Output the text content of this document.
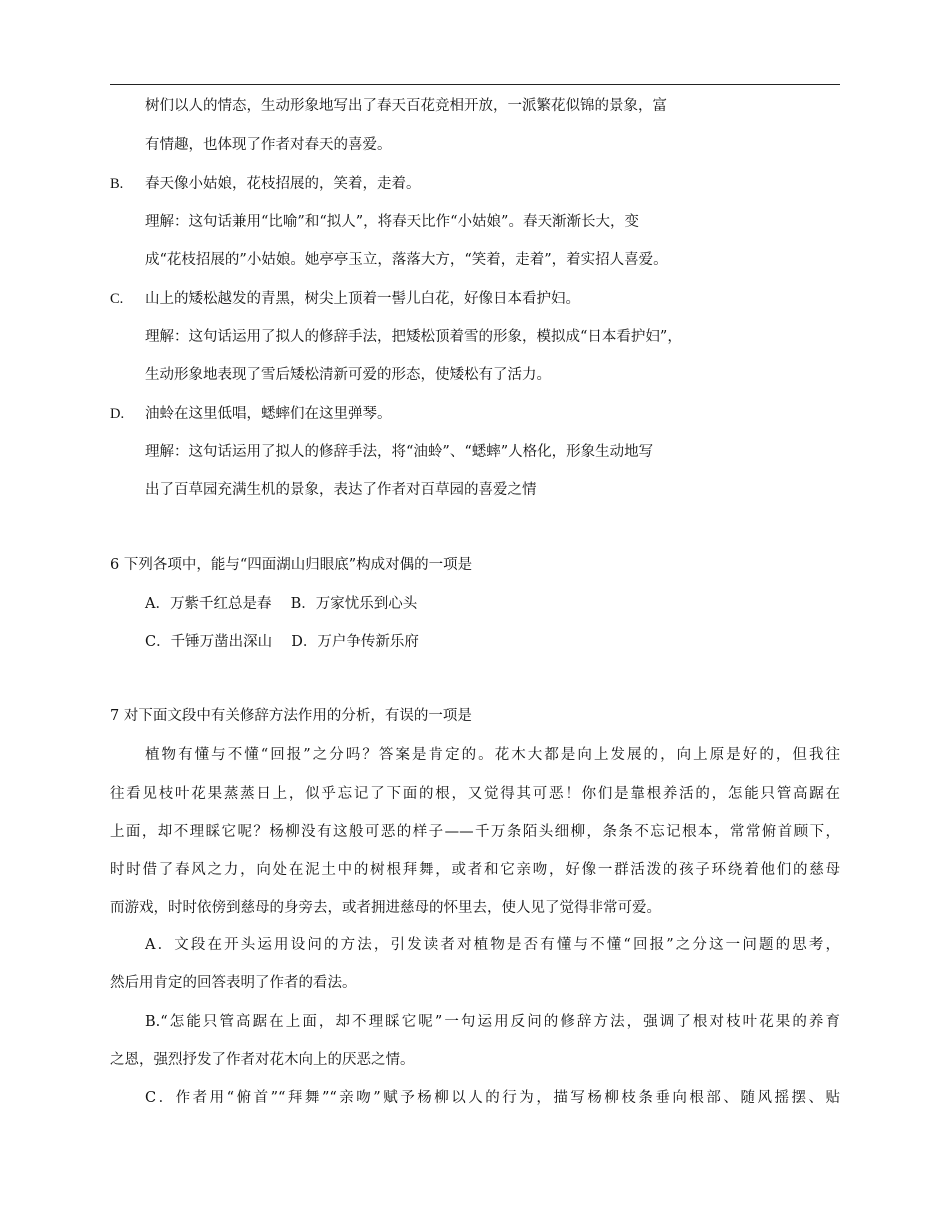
树们以人的情态，生动形象地写出了春天百花竞相开放，一派繁花似锦的景象，富
有情趣，也体现了作者对春天的喜爱。
B. 春天像小姑娘，花枝招展的，笑着，走着。
理解：这句话兼用“比喻”和“拟人”，将春天比作“小姑娘”。春天渐渐长大，变
成“花枝招展的”小姑娘。她亭亭玉立，落落大方，“笑着，走着”，着实招人喜爱。
C. 山上的矮松越发的青黑，树尖上顶着一髻儿白花，好像日本看护妇。
理解：这句话运用了拟人的修辞手法，把矮松顶着雪的形象，模拟成“日本看护妇”，
生动形象地表现了雪后矮松清新可爱的形态，使矮松有了活力。
D. 油蛉在这里低唱，蟋蟀们在这里弹琴。
理解：这句话运用了拟人的修辞手法，将“油蛉”、“蟋蟀”人格化，形象生动地写
出了百草园充满生机的景象，表达了作者对百草园的喜爱之情
6 下列各项中，能与“四面湖山归眼底”构成对偶的一项是
A．万紫千红总是春　 B．万家忧乐到心头
C．千锤万凿出深山　 D．万户争传新乐府
7 对下面文段中有关修辞方法作用的分析，有误的一项是
植物有懂与不懂“回报”之分吗？答案是肯定的。花木大都是向上发展的，向上原是好的，但我往
往看见枝叶花果蒸蒸日上，似乎忘记了下面的根，又觉得其可恶！你们是靠根养活的，怎能只管高踞在
上面，却不理睬它呢？杨柳没有这般可恶的样子——千万条陌头细柳，条条不忘记根本，常常俯首顾下，
时时借了春风之力，向处在泥土中的树根拜舞，或者和它亲吻，好像一群活泼的孩子环绕着他们的慈母
而游戏，时时依傍到慈母的身旁去，或者拥进慈母的怀里去，使人见了觉得非常可爱。
A．文段在开头运用设问的方法，引发读者对植物是否有懂与不懂“回报”之分这一问题的思考，
然后用肯定的回答表明了作者的看法。
B.“怎能只管高踞在上面，却不理睬它呢”一句运用反问的修辞方法，强调了根对枝叶花果的养育
之恩，强烈抒发了作者对花木向上的厌恶之情。
C．作者用“俯首”“拜舞”“亲吻”赋予杨柳以人的行为，描写杨柳枝条垂向根部、随风摇摆、贴
